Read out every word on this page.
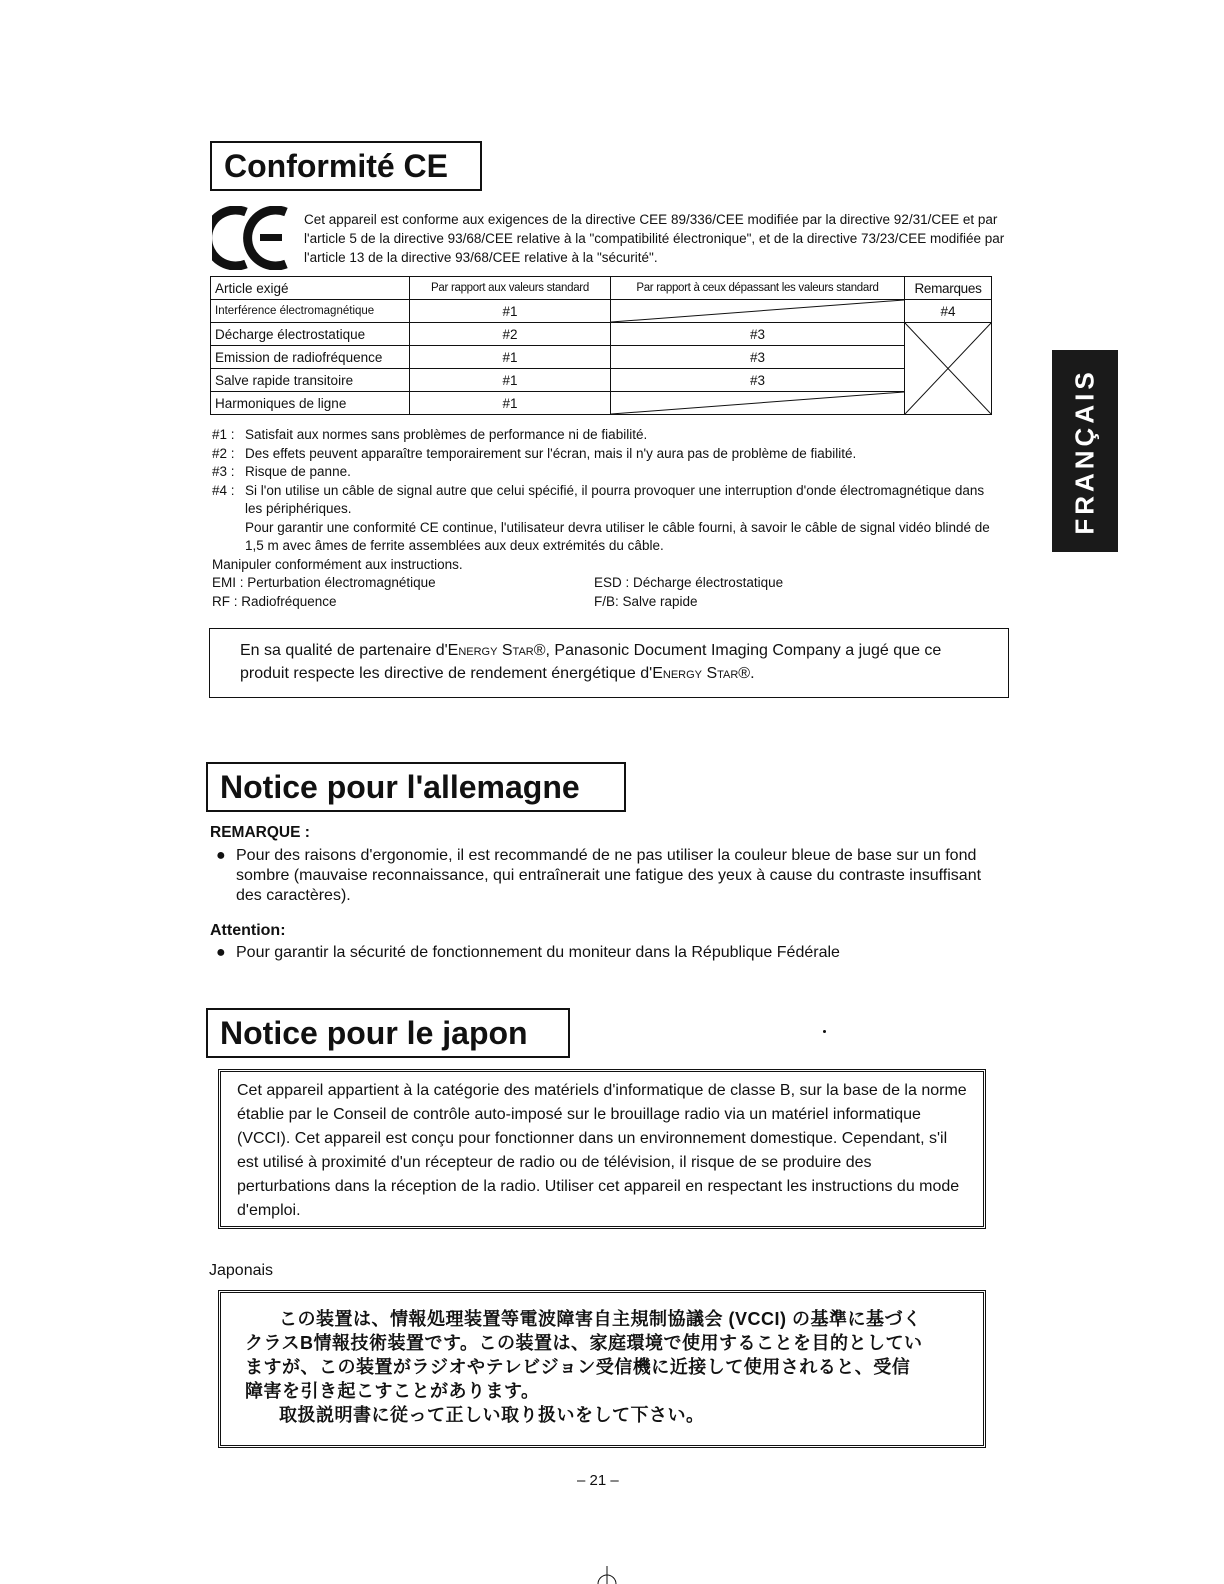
Conformité CE
Cet appareil est conforme aux exigences de la directive CEE 89/336/CEE modifiée par la directive 92/31/CEE et par l'article 5 de la directive 93/68/CEE relative à la "compatibilité électronique", et de la directive 73/23/CEE modifiée par l'article 13 de la directive 93/68/CEE relative à la "sécurité".
Article exigé	Par rapport aux valeurs standard	Par rapport à ceux dépassant les valeurs standard	Remarques
Interférence électromagnétique	#1		#4
Décharge électrostatique	#2	#3	

Emission de radiofréquence	#1	#3	
Salve rapide transitoire	#1	#3	
Harmoniques de ligne	#1	
#1 : Satisfait aux normes sans problèmes de performance ni de fiabilité.
#2 : Des effets peuvent apparaître temporairement sur l'écran, mais il n'y aura pas de problème de fiabilité.
#3 : Risque de panne.
#4 : Si l'on utilise un câble de signal autre que celui spécifié, il pourra provoquer une interruption d'onde électromagnétique dans les périphériques.
Pour garantir une conformité CE continue, l'utilisateur devra utiliser le câble fourni, à savoir le câble de signal vidéo blindé de 1,5 m avec âmes de ferrite assemblées aux deux extrémités du câble.
Manipuler conformément aux instructions.
EMI : Perturbation électromagnétique	ESD : Décharge électrostatique
RF : Radiofréquence	F/B: Salve rapide
En sa qualité de partenaire d'Energy Star®, Panasonic Document Imaging Company a jugé que ce produit respecte les directive de rendement énergétique d'Energy Star®.
Notice pour l'allemagne
REMARQUE :
● Pour des raisons d'ergonomie, il est recommandé de ne pas utiliser la couleur bleue de base sur un fond sombre (mauvaise reconnaissance, qui entraînerait une fatigue des yeux à cause du contraste insuffisant des caractères).
Attention:
● Pour garantir la sécurité de fonctionnement du moniteur dans la République Fédérale
Notice pour le japon
Cet appareil appartient à la catégorie des matériels d'informatique de classe B, sur la base de la norme établie par le Conseil de contrôle auto-imposé sur le brouillage radio via un matériel informatique (VCCI). Cet appareil est conçu pour fonctionner dans un environnement domestique. Cependant, s'il est utilisé à proximité d'un récepteur de radio ou de télévision, il risque de se produire des perturbations dans la réception de la radio. Utiliser cet appareil en respectant les instructions du mode d'emploi.
Japonais
この装置は、情報処理装置等電波障害自主規制協議会 (VCCI) の基準に基づく
クラスB情報技術装置です。この装置は、家庭環境で使用することを目的としてい
ますが、この装置がラジオやテレビジョン受信機に近接して使用されると、受信
障害を引き起こすことがあります。
取扱説明書に従って正しい取り扱いをして下さい。
FRANÇAIS
– 21 –
